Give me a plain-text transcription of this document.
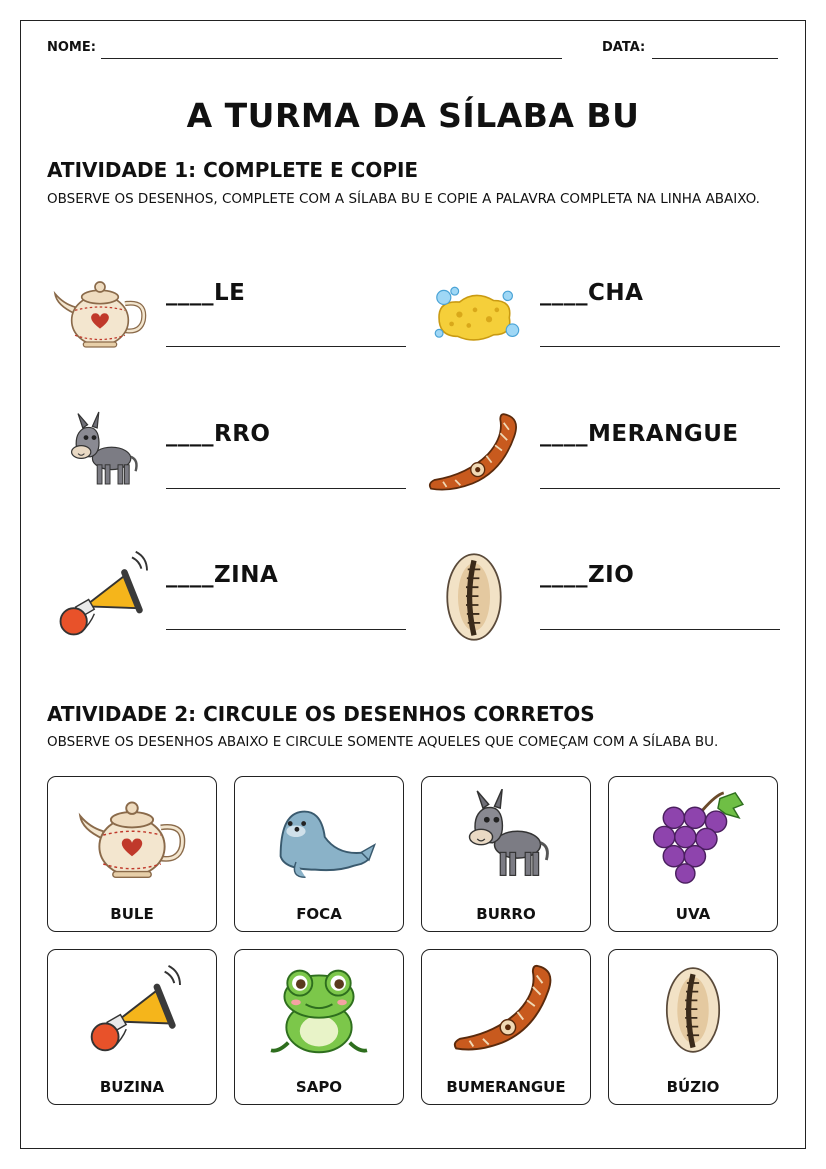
NOME:	DATA:
A TURMA DA SÍLABA BU
ATIVIDADE 1: COMPLETE E COPIE
OBSERVE OS DESENHOS, COMPLETE COM A SÍLABA BU E COPIE A PALAVRA COMPLETA NA LINHA ABAIXO.
____LE	____CHA
____RRO	____MERANGUE
____ZINA	____ZIO
ATIVIDADE 2: CIRCULE OS DESENHOS CORRETOS
OBSERVE OS DESENHOS ABAIXO E CIRCULE SOMENTE AQUELES QUE COMEÇAM COM A SÍLABA BU.
BULE	FOCA	BURRO	UVA
BUZINA	SAPO	BUMERANGUE	BÚZIO
